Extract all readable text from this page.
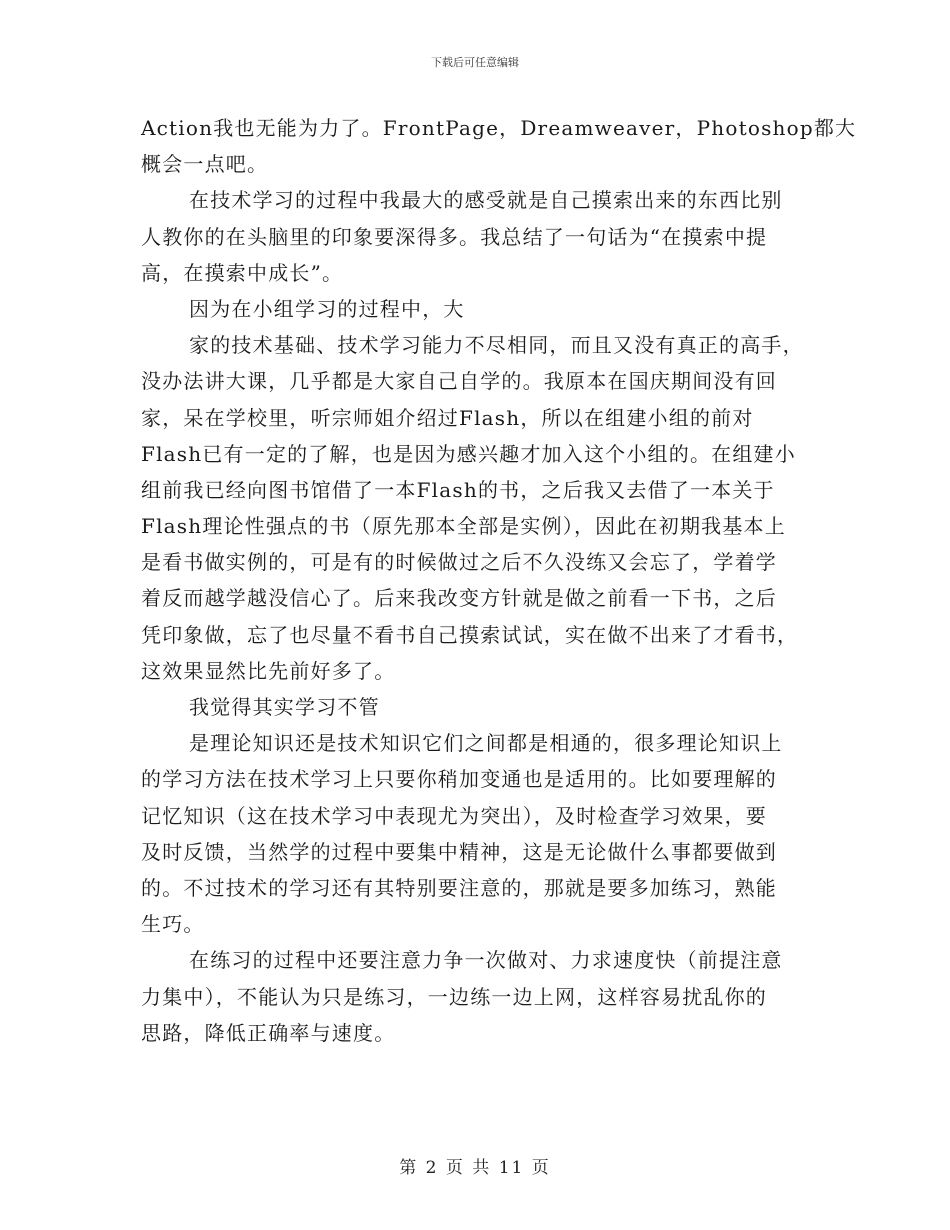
下载后可任意编辑
Action我也无能为力了。FrontPage，Dreamweaver，Photoshop都大
概会一点吧。
在技术学习的过程中我最大的感受就是自己摸索出来的东西比别
人教你的在头脑里的印象要深得多。我总结了一句话为“在摸索中提
高，在摸索中成长”。
因为在小组学习的过程中，大
家的技术基础、技术学习能力不尽相同，而且又没有真正的高手，
没办法讲大课，几乎都是大家自己自学的。我原本在国庆期间没有回
家，呆在学校里，听宗师姐介绍过Flash，所以在组建小组的前对
Flash已有一定的了解，也是因为感兴趣才加入这个小组的。在组建小
组前我已经向图书馆借了一本Flash的书，之后我又去借了一本关于
Flash理论性强点的书（原先那本全部是实例），因此在初期我基本上
是看书做实例的，可是有的时候做过之后不久没练又会忘了，学着学
着反而越学越没信心了。后来我改变方针就是做之前看一下书，之后
凭印象做，忘了也尽量不看书自己摸索试试，实在做不出来了才看书，
这效果显然比先前好多了。
我觉得其实学习不管
是理论知识还是技术知识它们之间都是相通的，很多理论知识上
的学习方法在技术学习上只要你稍加变通也是适用的。比如要理解的
记忆知识（这在技术学习中表现尤为突出），及时检查学习效果，要
及时反馈，当然学的过程中要集中精神，这是无论做什么事都要做到
的。不过技术的学习还有其特别要注意的，那就是要多加练习，熟能
生巧。
在练习的过程中还要注意力争一次做对、力求速度快（前提注意
力集中），不能认为只是练习，一边练一边上网，这样容易扰乱你的
思路，降低正确率与速度。
第 2 页 共 11 页
